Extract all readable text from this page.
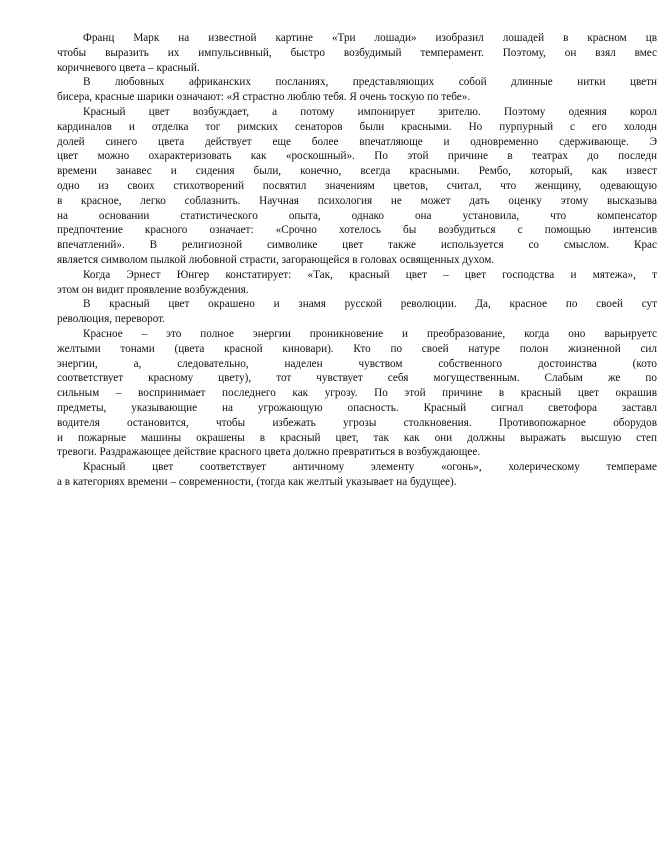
Франц Марк на известной картине «Три лошади» изобразил лошадей в красном цв
чтобы выразить их импульсивный, быстро возбудимый темперамент. Поэтому, он взял вмес
коричневого цвета – красный.
В любовных африканских посланиях, представляющих собой длинные нитки цветн
бисера, красные шарики означают: «Я страстно люблю тебя. Я очень тоскую по тебе».
Красный цвет возбуждает, а потому импонирует зрителю. Поэтому одеяния корол
кардиналов и отделка тог римских сенаторов были красными. Но пурпурный с его холодн
долей синего цвета действует еще более впечатляюще и одновременно сдерживающе. Э
цвет можно охарактеризовать как «роскошный». По этой причине в театрах до последн
времени занавес и сидения были, конечно, всегда красными. Рембо, который, как извест
одно из своих стихотворений посвятил значениям цветов, считал, что женщину, одевающую
в красное, легко соблазнить. Научная психология не может дать оценку этому высказыва
на основании статистического опыта, однако она установила, что компенсатор
предпочтение красного означает: «Срочно хотелось бы возбудиться с помощью интенсив
впечатлений». В религиозной символике цвет также используется со смыслом. Крас
является символом пылкой любовной страсти, загорающейся в головах освященных духом.
Когда Эрнест Юнгер констатирует: «Так, красный цвет – цвет господства и мятежа», т
этом он видит проявление возбуждения.
В красный цвет окрашено и знамя русской революции. Да, красное по своей сут
революция, переворот.
Красное – это полное энергии проникновение и преобразование, когда оно варьируетс
желтыми тонами (цвета красной киновари). Кто по своей натуре полон жизненной сил
энергии, а, следовательно, наделен чувством собственного достоинства (кото
соответствует красному цвету), тот чувствует себя могущественным. Слабым же по
сильным – воспринимает последнего как угрозу. По этой причине в красный цвет окрашив
предметы, указывающие на угрожающую опасность. Красный сигнал светофора заставл
водителя остановится, чтобы избежать угрозы столкновения. Противопожарное оборудов
и пожарные машины окрашены в красный цвет, так как они должны выражать высшую степ
тревоги. Раздражающее действие красного цвета должно превратиться в возбуждающее.
Красный цвет соответствует античному элементу «огонь», холерическому темпераме
а в категориях времени – современности, (тогда как желтый указывает на будущее).
